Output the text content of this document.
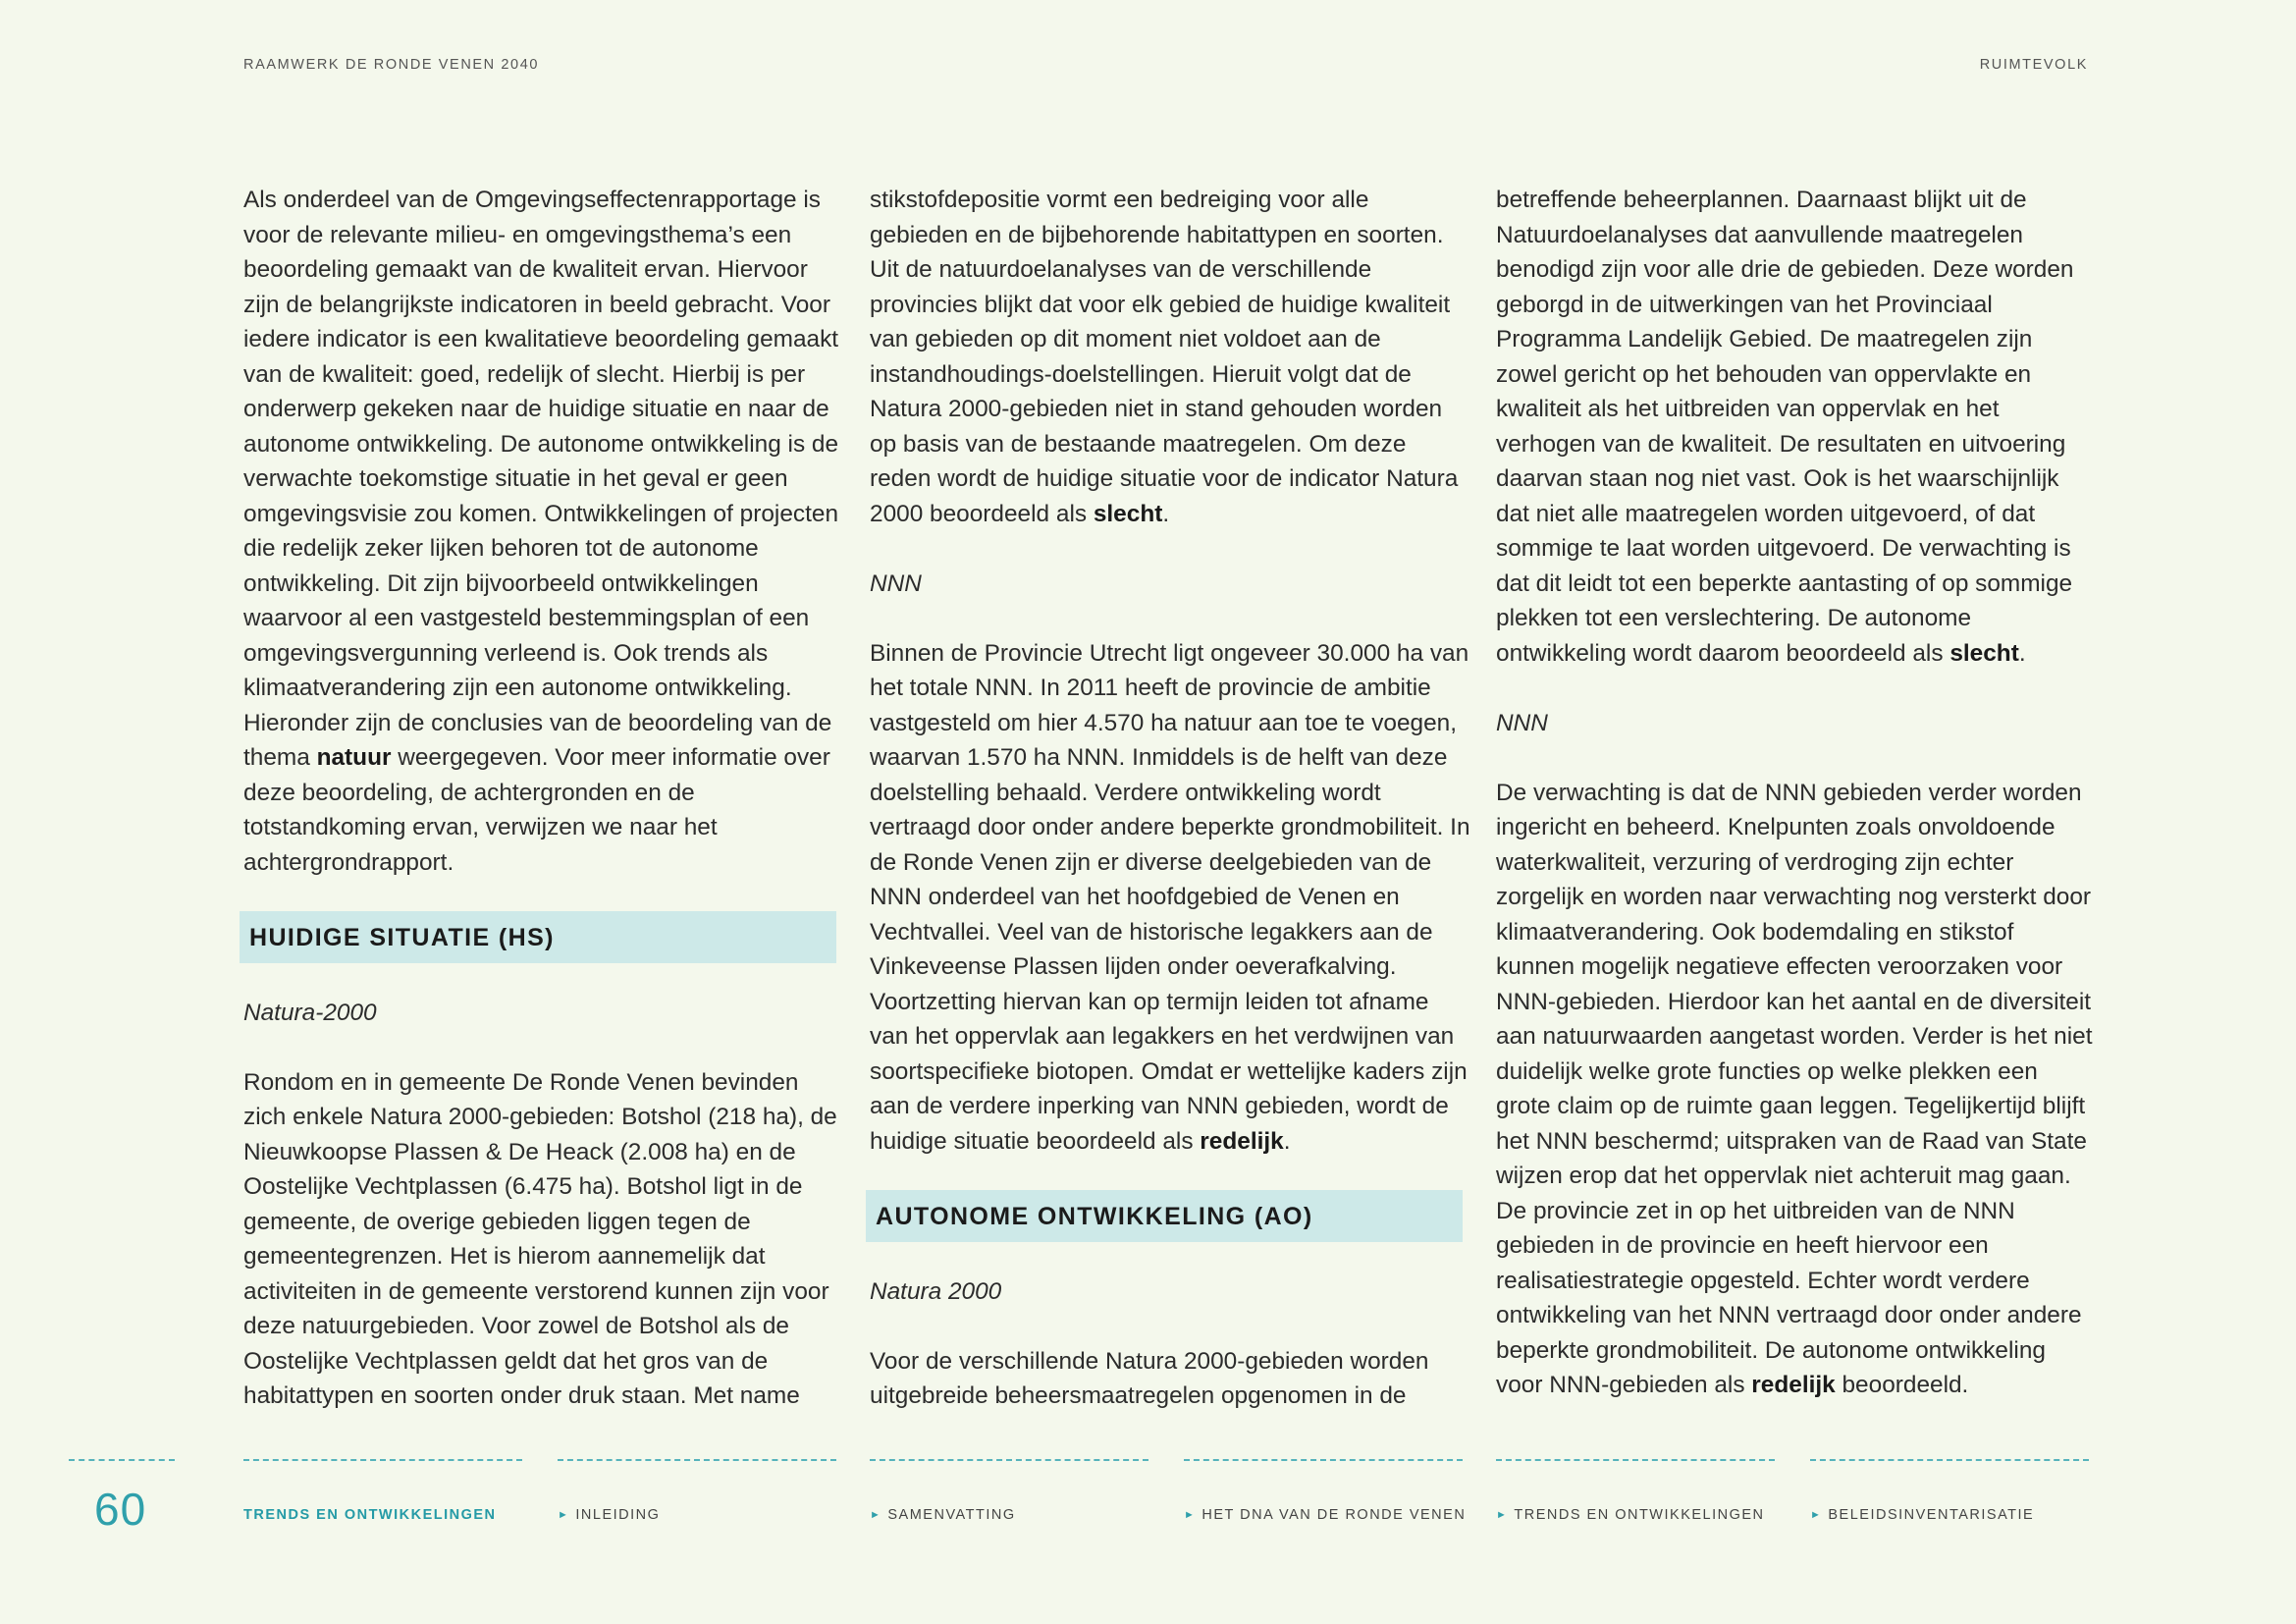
RAAMWERK DE RONDE VENEN 2040	RUIMTEVOLK

Als onderdeel van de Omgevingseffectenrapportage is voor de relevante milieu- en omgevingsthema’s een beoordeling gemaakt van de kwaliteit ervan. Hiervoor zijn de belangrijkste indicatoren in beeld gebracht. Voor iedere indicator is een kwalitatieve beoordeling gemaakt van de kwaliteit: goed, redelijk of slecht. Hierbij is per onderwerp gekeken naar de huidige situatie en naar de autonome ontwikkeling. De autonome ontwikkeling is de verwachte toekomstige situatie in het geval er geen omgevingsvisie zou komen. Ontwikkelingen of projecten die redelijk zeker lijken behoren tot de autonome ontwikkeling. Dit zijn bijvoorbeeld ontwikkelingen waarvoor al een vastgesteld bestemmingsplan of een omgevingsvergunning verleend is. Ook trends als klimaatverandering zijn een autonome ontwikkeling. Hieronder zijn de conclusies van de beoordeling van de thema natuur weergegeven. Voor meer informatie over deze beoordeling, de achtergronden en de totstandkoming ervan, verwijzen we naar het achtergrondrapport.

HUIDIGE SITUATIE (HS)

Natura-2000

Rondom en in gemeente De Ronde Venen bevinden zich enkele Natura 2000-gebieden: Botshol (218 ha), de Nieuwkoopse Plassen & De Heack (2.008 ha) en de Oostelijke Vechtplassen (6.475 ha). Botshol ligt in de gemeente, de overige gebieden liggen tegen de gemeentegrenzen. Het is hierom aannemelijk dat activiteiten in de gemeente verstorend kunnen zijn voor deze natuurgebieden. Voor zowel de Botshol als de Oostelijke Vechtplassen geldt dat het gros van de habitattypen en soorten onder druk staan. Met name

stikstofdepositie vormt een bedreiging voor alle gebieden en de bijbehorende habitattypen en soorten. Uit de natuurdoelanalyses van de verschillende provincies blijkt dat voor elk gebied de huidige kwaliteit van gebieden op dit moment niet voldoet aan de instandhoudings-doelstellingen. Hieruit volgt dat de Natura 2000-gebieden niet in stand gehouden worden op basis van de bestaande maatregelen. Om deze reden wordt de huidige situatie voor de indicator Natura 2000 beoordeeld als slecht.

NNN

Binnen de Provincie Utrecht ligt ongeveer 30.000 ha van het totale NNN. In 2011 heeft de provincie de ambitie vastgesteld om hier 4.570 ha natuur aan toe te voegen, waarvan 1.570 ha NNN. Inmiddels is de helft van deze doelstelling behaald. Verdere ontwikkeling wordt vertraagd door onder andere beperkte grondmobiliteit. In de Ronde Venen zijn er diverse deelgebieden van de NNN onderdeel van het hoofdgebied de Venen en Vechtvallei. Veel van de historische legakkers aan de Vinkeveense Plassen lijden onder oeverafkalving. Voortzetting hiervan kan op termijn leiden tot afname van het oppervlak aan legakkers en het verdwijnen van soortspecifieke biotopen. Omdat er wettelijke kaders zijn aan de verdere inperking van NNN gebieden, wordt de huidige situatie beoordeeld als redelijk.

AUTONOME ONTWIKKELING (AO)

Natura 2000

Voor de verschillende Natura 2000-gebieden worden uitgebreide beheersmaatregelen opgenomen in de

betreffende beheerplannen. Daarnaast blijkt uit de Natuurdoelanalyses dat aanvullende maatregelen benodigd zijn voor alle drie de gebieden. Deze worden geborgd in de uitwerkingen van het Provinciaal Programma Landelijk Gebied. De maatregelen zijn zowel gericht op het behouden van oppervlakte en kwaliteit als het uitbreiden van oppervlak en het verhogen van de kwaliteit. De resultaten en uitvoering daarvan staan nog niet vast. Ook is het waarschijnlijk dat niet alle maatregelen worden uitgevoerd, of dat sommige te laat worden uitgevoerd. De verwachting is dat dit leidt tot een beperkte aantasting of op sommige plekken tot een verslechtering. De autonome ontwikkeling wordt daarom beoordeeld als slecht.

NNN

De verwachting is dat de NNN gebieden verder worden ingericht en beheerd. Knelpunten zoals onvoldoende waterkwaliteit, verzuring of verdroging zijn echter zorgelijk en worden naar verwachting nog versterkt door klimaatverandering. Ook bodemdaling en stikstof kunnen mogelijk negatieve effecten veroorzaken voor NNN-gebieden. Hierdoor kan het aantal en de diversiteit aan natuurwaarden aangetast worden. Verder is het niet duidelijk welke grote functies op welke plekken een grote claim op de ruimte gaan leggen. Tegelijkertijd blijft het NNN beschermd; uitspraken van de Raad van State wijzen erop dat het oppervlak niet achteruit mag gaan. De provincie zet in op het uitbreiden van de NNN gebieden in de provincie en heeft hiervoor een realisatiestrategie opgesteld. Echter wordt verdere ontwikkeling van het NNN vertraagd door onder andere beperkte grondmobiliteit. De autonome ontwikkeling voor NNN-gebieden als redelijk beoordeeld.

60	TRENDS EN ONTWIKKELINGEN	► INLEIDING	► SAMENVATTING	► HET DNA VAN DE RONDE VENEN	► TRENDS EN ONTWIKKELINGEN	► BELEIDSINVENTARISATIE
